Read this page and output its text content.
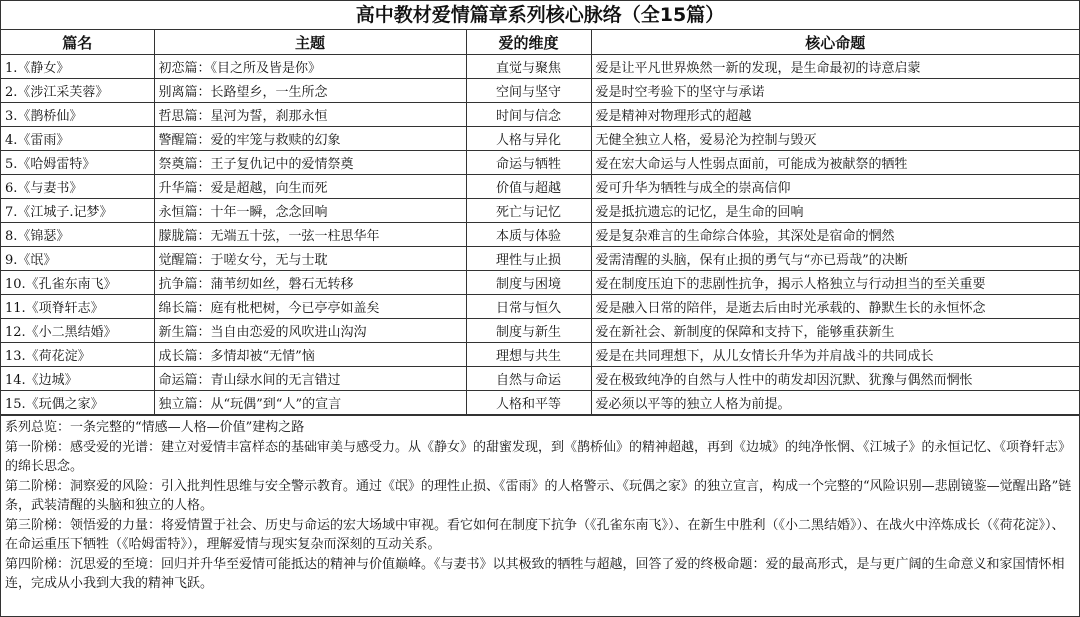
高中教材爱情篇章系列核心脉络（全15篇）
篇名	主题	爱的维度	核心命题
1.《静女》	初恋篇：《目之所及皆是你》	直觉与聚焦	爱是让平凡世界焕然一新的发现，是生命最初的诗意启蒙
2.《涉江采芙蓉》	别离篇：长路望乡，一生所念	空间与坚守	爱是时空考验下的坚守与承诺
3.《鹊桥仙》	哲思篇：星河为誓，刹那永恒	时间与信念	爱是精神对物理形式的超越
4.《雷雨》	警醒篇：爱的牢笼与救赎的幻象	人格与异化	无健全独立人格，爱易沦为控制与毁灭
5.《哈姆雷特》	祭奠篇：王子复仇记中的爱情祭奠	命运与牺牲	爱在宏大命运与人性弱点面前，可能成为被献祭的牺牲
6.《与妻书》	升华篇：爱是超越，向生而死	价值与超越	爱可升华为牺牲与成全的崇高信仰
7.《江城子.记梦》	永恒篇：十年一瞬，念念回响	死亡与记忆	爱是抵抗遗忘的记忆，是生命的回响
8.《锦瑟》	朦胧篇：无端五十弦，一弦一柱思华年	本质与体验	爱是复杂难言的生命综合体验，其深处是宿命的惘然
9.《氓》	觉醒篇：于嗟女兮，无与士耽	理性与止损	爱需清醒的头脑，保有止损的勇气与“亦已焉哉”的决断
10.《孔雀东南飞》	抗争篇：蒲苇纫如丝，磐石无转移	制度与困境	爱在制度压迫下的悲剧性抗争，揭示人格独立与行动担当的至关重要
11.《项脊轩志》	绵长篇：庭有枇杷树，今已亭亭如盖矣	日常与恒久	爱是融入日常的陪伴，是逝去后由时光承载的、静默生长的永恒怀念
12.《小二黑结婚》	新生篇：当自由恋爱的风吹进山沟沟	制度与新生	爱在新社会、新制度的保障和支持下，能够重获新生
13.《荷花淀》	成长篇：多情却被“无情”恼	理想与共生	爱是在共同理想下，从儿女情长升华为并肩战斗的共同成长
14.《边城》	命运篇：青山绿水间的无言错过	自然与命运	爱在极致纯净的自然与人性中的萌发却因沉默、犹豫与偶然而惘怅
15.《玩偶之家》	独立篇：从“玩偶”到“人”的宣言	人格和平等	爱必须以平等的独立人格为前提。

系列总览：一条完整的“情感—人格—价值”建构之路

第一阶梯：感受爱的光谱：建立对爱情丰富样态的基础审美与感受力。从《静女》的甜蜜发现，到《鹊桥仙》的精神超越，再到《边城》的纯净怅惘、《江城子》的永恒记忆、《项脊轩志》的绵长思念。

第二阶梯：洞察爱的风险：引入批判性思维与安全警示教育。通过《氓》的理性止损、《雷雨》的人格警示、《玩偶之家》的独立宣言，构成一个完整的“风险识别—悲剧镜鉴—觉醒出路”链条，武装清醒的头脑和独立的人格。

第三阶梯：领悟爱的力量：将爱情置于社会、历史与命运的宏大场域中审视。看它如何在制度下抗争（《孔雀东南飞》）、在新生中胜利（《小二黑结婚》）、在战火中淬炼成长（《荷花淀》）、在命运重压下牺牲（《哈姆雷特》），理解爱情与现实复杂而深刻的互动关系。

第四阶梯：沉思爱的至境：回归并升华至爱情可能抵达的精神与价值巅峰。《与妻书》以其极致的牺牲与超越，回答了爱的终极命题：爱的最高形式，是与更广阔的生命意义和家国情怀相连，完成从小我到大我的精神飞跃。
